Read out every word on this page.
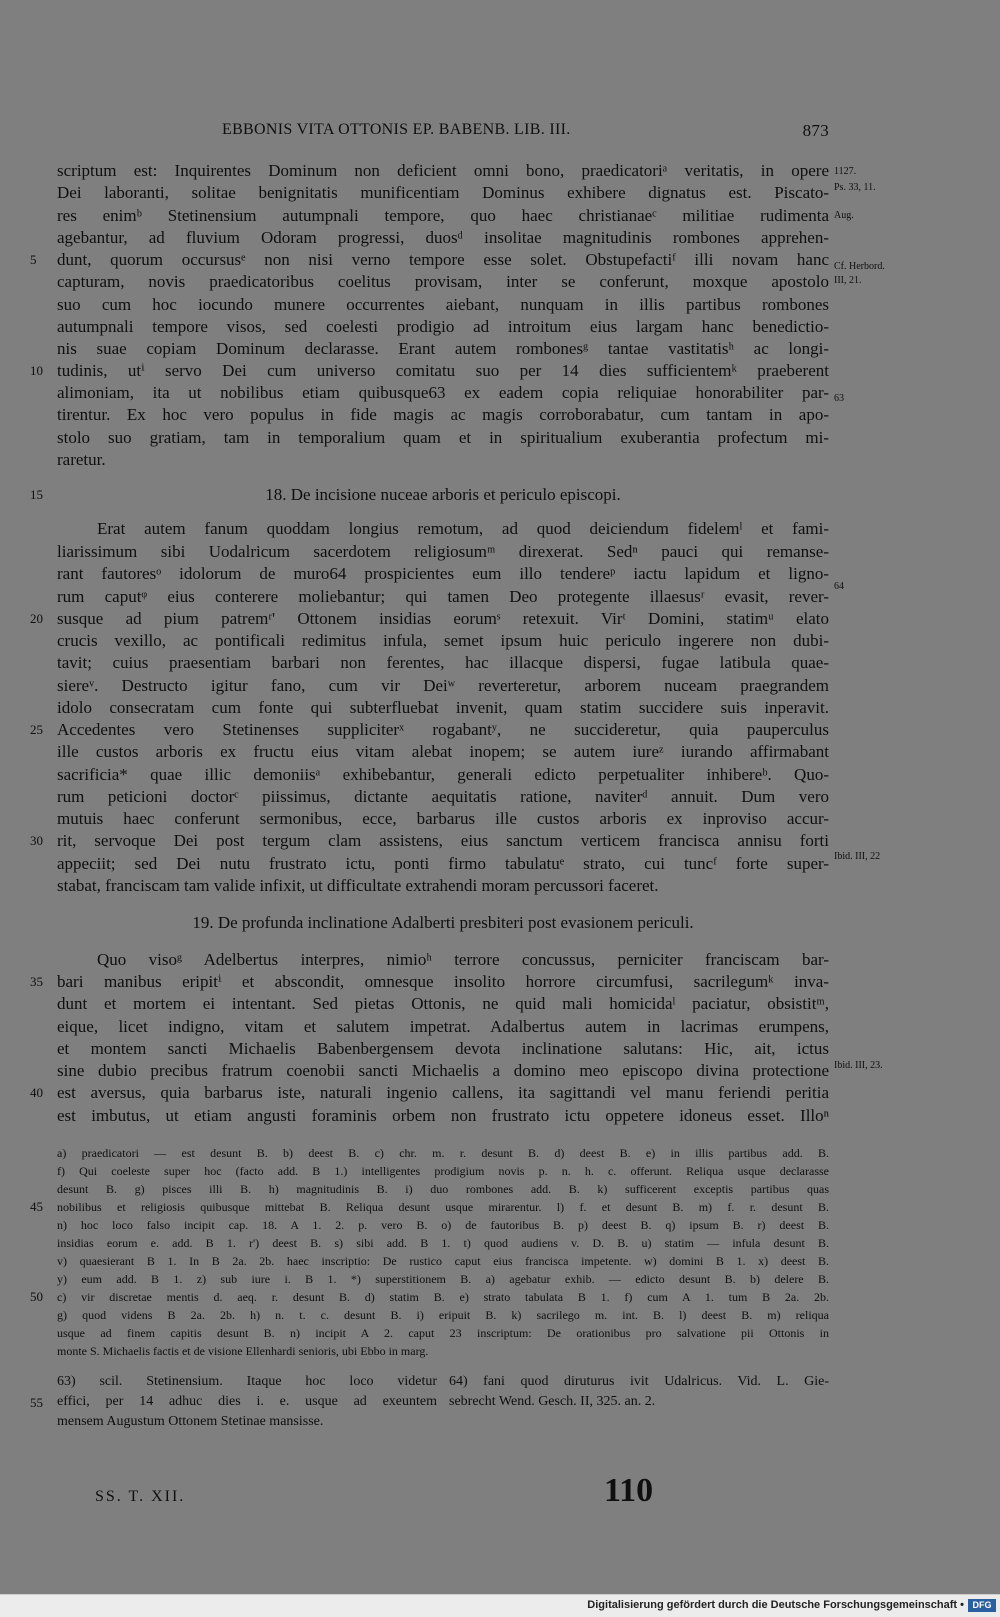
EBBONIS VITA OTTONIS EP. BABENB. LIB. III.	873
scriptum est: Inquirentes Dominum non deficient omni bono, praedicatoriᵃ veritatis, in opere
Dei laboranti, solitae benignitatis munificentiam Dominus exhibere dignatus est. Piscato-
res enimᵇ Stetinensium autumpnali tempore, quo haec christianaeᶜ militiae rudimenta
agebantur, ad fluvium Odoram progressi, duosᵈ insolitae magnitudinis rombones apprehen-
dunt, quorum occursusᵉ non nisi verno tempore esse solet. Obstupefactiᶠ illi novam hanc
5
capturam, novis praedicatoribus coelitus provisam, inter se conferunt, moxque apostolo
suo cum hoc iocundo munere occurrentes aiebant, nunquam in illis partibus rombones
autumpnali tempore visos, sed coelesti prodigio ad introitum eius largam hanc benedictio-
nis suae copiam Dominum declarasse. Erant autem rombonesᵍ tantae vastitatisʰ ac longi-
tudinis, utⁱ servo Dei cum universo comitatu suo per 14 dies sufficientemᵏ praeberent
10
alimoniam, ita ut nobilibus etiam quibusque63 ex eadem copia reliquiae honorabiliter par-
tirentur. Ex hoc vero populus in fide magis ac magis corroborabatur, cum tantam in apo-
stolo suo gratiam, tam in temporalium quam et in spiritualium exuberantia profectum mi-
raretur.
18. De incisione nuceae arboris et periculo episcopi.
15
Erat autem fanum quoddam longius remotum, ad quod deiciendum fidelemˡ et fami-
liarissimum sibi Uodalricum sacerdotem religiosumᵐ direxerat. Sedⁿ pauci qui remanse-
rant fautoresᵒ idolorum de muro64 prospicientes eum illo tendereᵖ iactu lapidum et ligno-
rum caputᵠ eius conterere moliebantur; qui tamen Deo protegente illaesusʳ evasit, rever-
susque ad pium patremʳ' Ottonem insidias eorumˢ retexuit. Virᵗ Domini, statimᵘ elato
20
crucis vexillo, ac pontificali redimitus infula, semet ipsum huic periculo ingerere non dubi-
tavit; cuius praesentiam barbari non ferentes, hac illacque dispersi, fugae latibula quae-
siereᵛ. Destructo igitur fano, cum vir Deiʷ reverteretur, arborem nuceam praegrandem
idolo consecratam cum fonte qui subterfluebat invenit, quam statim succidere suis inperavit.
Accedentes vero Stetinenses suppliciterˣ rogabantʸ, ne succideretur, quia pauperculus
25
ille custos arboris ex fructu eius vitam alebat inopem; se autem iureᶻ iurando affirmabant
sacrificia* quae illic demoniisᵃ exhibebantur, generali edicto perpetualiter inhibereᵇ. Quo-
rum peticioni doctorᶜ piissimus, dictante aequitatis ratione, naviterᵈ annuit. Dum vero
mutuis haec conferunt sermonibus, ecce, barbarus ille custos arboris ex inproviso accur-
rit, servoque Dei post tergum clam assistens, eius sanctum verticem francisca annisu forti
30
appeciit; sed Dei nutu frustrato ictu, ponti firmo tabulatuᵉ strato, cui tuncᶠ forte super-
stabat, franciscam tam valide infixit, ut difficultate extrahendi moram percussori faceret.
19. De profunda inclinatione Adalberti presbiteri post evasionem periculi.
Quo visoᵍ Adelbertus interpres, nimioʰ terrore concussus, perniciter franciscam bar-
bari manibus eripitⁱ et abscondit, omnesque insolito horrore circumfusi, sacrilegumᵏ inva-
35
dunt et mortem ei intentant. Sed pietas Ottonis, ne quid mali homicidaˡ paciatur, obsistitᵐ,
eique, licet indigno, vitam et salutem impetrat. Adalbertus autem in lacrimas erumpens,
et montem sancti Michaelis Babenbergensem devota inclinatione salutans: Hic, ait, ictus
sine dubio precibus fratrum coenobii sancti Michaelis a domino meo episcopo divina protectione
est aversus, quia barbarus iste, naturali ingenio callens, ita sagittandi vel manu feriendi peritia
40
est imbutus, ut etiam angusti foraminis orbem non frustrato ictu oppetere idoneus esset. Illoⁿ
1127.
Ps. 33, 11.
Aug.
Cf. Herbord.
III, 21.
63
64
Ibid. III, 22
Ibid. III, 23.
a) praedicatori — est desunt B. b) deest B. c) chr. m. r. desunt B. d) deest B. e) in illis partibus add. B.
f) Qui coeleste super hoc (facto add. B 1.) intelligentes prodigium novis p. n. h. c. offerunt. Reliqua usque declarasse
desunt B. g) pisces illi B. h) magnitudinis B. i) duo rombones add. B. k) sufficerent exceptis partibus quas
nobilibus et religiosis quibusque mittebat B. Reliqua desunt usque mirarentur. l) f. et desunt B. m) f. r. desunt B.
45
n) hoc loco falso incipit cap. 18. A 1. 2. p. vero B. o) de fautoribus B. p) deest B. q) ipsum B. r) deest B.
insidias eorum e. add. B 1. r') deest B. s) sibi add. B 1. t) quod audiens v. D. B. u) statim — infula desunt B.
v) quaesierant B 1. In B 2a. 2b. haec inscriptio: De rustico caput eius francisca impetente. w) domini B 1. x) deest B.
y) eum add. B 1. z) sub iure i. B 1. *) superstitionem B. a) agebatur exhib. — edicto desunt B. b) delere B.
c) vir discretae mentis d. aeq. r. desunt B. d) statim B. e) strato tabulata B 1. f) cum A 1. tum B 2a. 2b.
50
g) quod videns B 2a. 2b. h) n. t. c. desunt B. i) eripuit B. k) sacrilego m. int. B. l) deest B. m) reliqua
usque ad finem capitis desunt B. n) incipit A 2. caput 23 inscriptum: De orationibus pro salvatione pii Ottonis in
monte S. Michaelis factis et de visione Ellenhardi senioris, ubi Ebbo in marg.
63) scil. Stetinensium. Itaque hoc loco videtur
effici, per 14 adhuc dies i. e. usque ad exeuntem
55
mensem Augustum Ottonem Stetinae mansisse.
64) fani quod diruturus ivit Udalricus. Vid. L. Gie-
sebrecht Wend. Gesch. II, 325. an. 2.
SS. T. XII.	110
Digitalisierung gefördert durch die Deutsche Forschungsgemeinschaft • DFG
